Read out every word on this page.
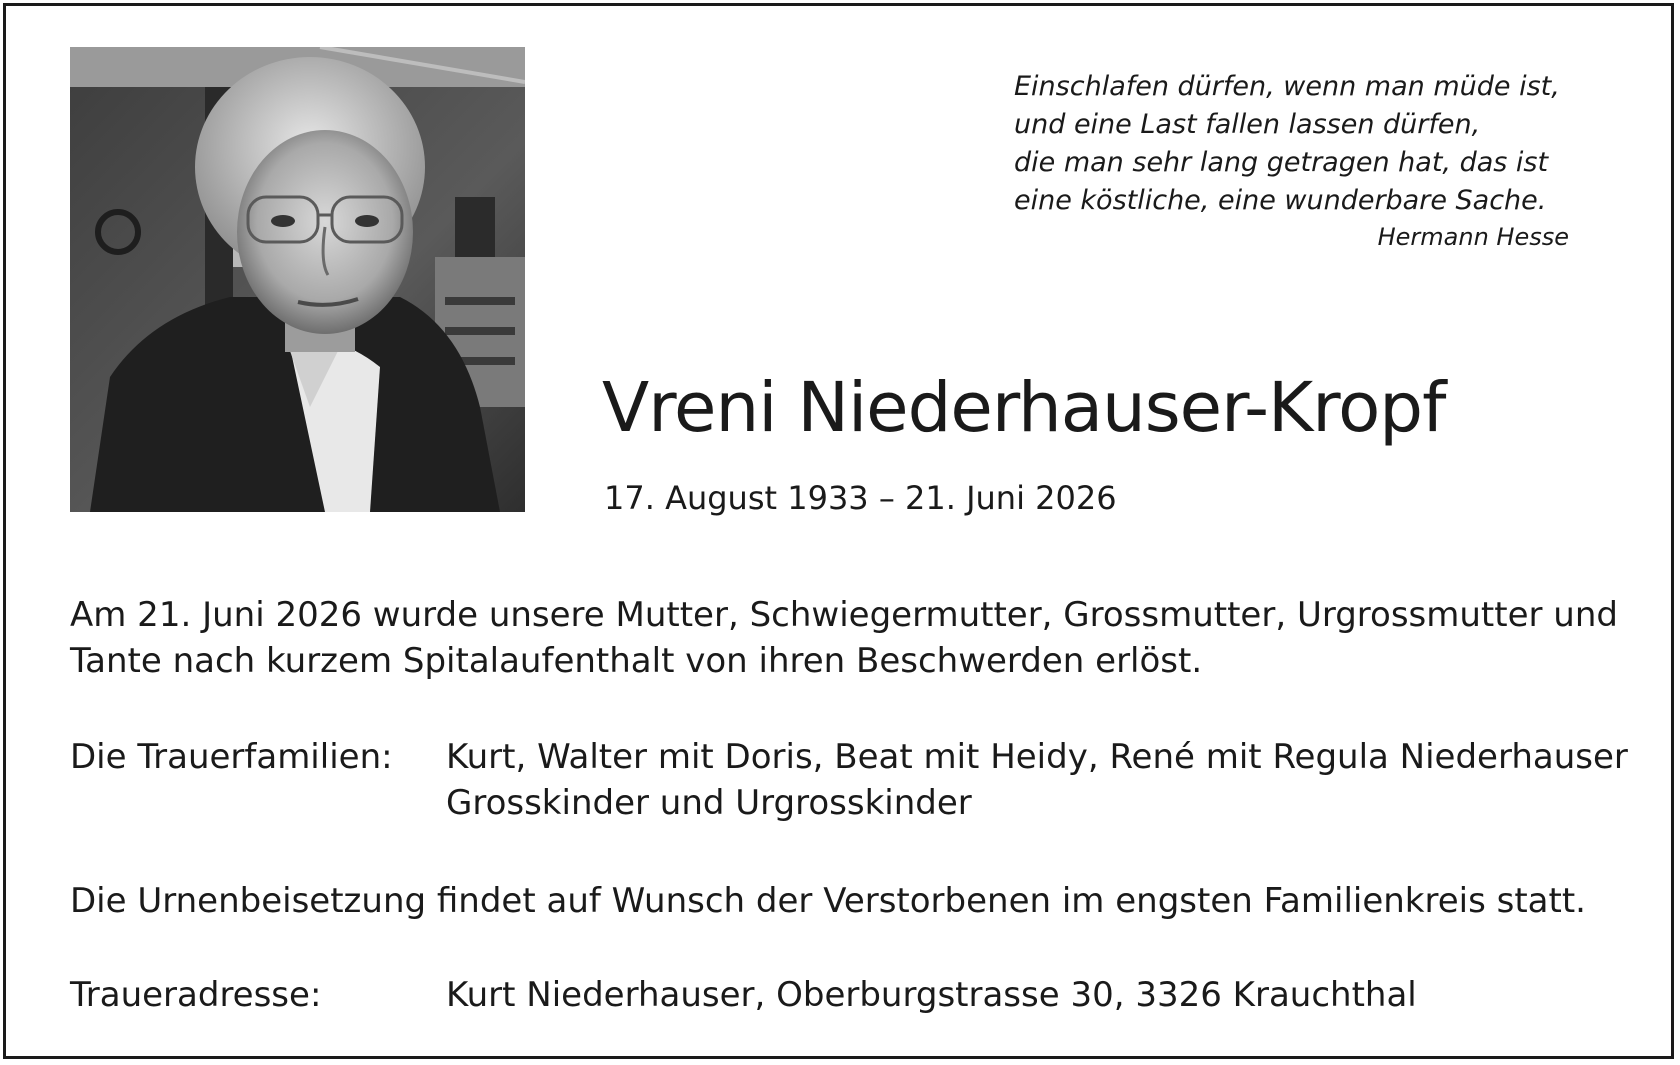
Einschlafen dürfen, wenn man müde ist,
und eine Last fallen lassen dürfen,
die man sehr lang getragen hat, das ist
eine köstliche, eine wunderbare Sache.
Hermann Hesse
Vreni Niederhauser-Kropf
17. August 1933 – 21. Juni 2026
Am 21. Juni 2026 wurde unsere Mutter, Schwiegermutter, Grossmutter, Urgrossmutter und
Tante nach kurzem Spitalaufenthalt von ihren Beschwerden erlöst.
Die Trauerfamilien: Kurt, Walter mit Doris, Beat mit Heidy, René mit Regula Niederhauser
Grosskinder und Urgrosskinder
Die Urnenbeisetzung findet auf Wunsch der Verstorbenen im engsten Familienkreis statt.
Traueradresse:	Kurt Niederhauser, Oberburgstrasse 30, 3326 Krauchthal
